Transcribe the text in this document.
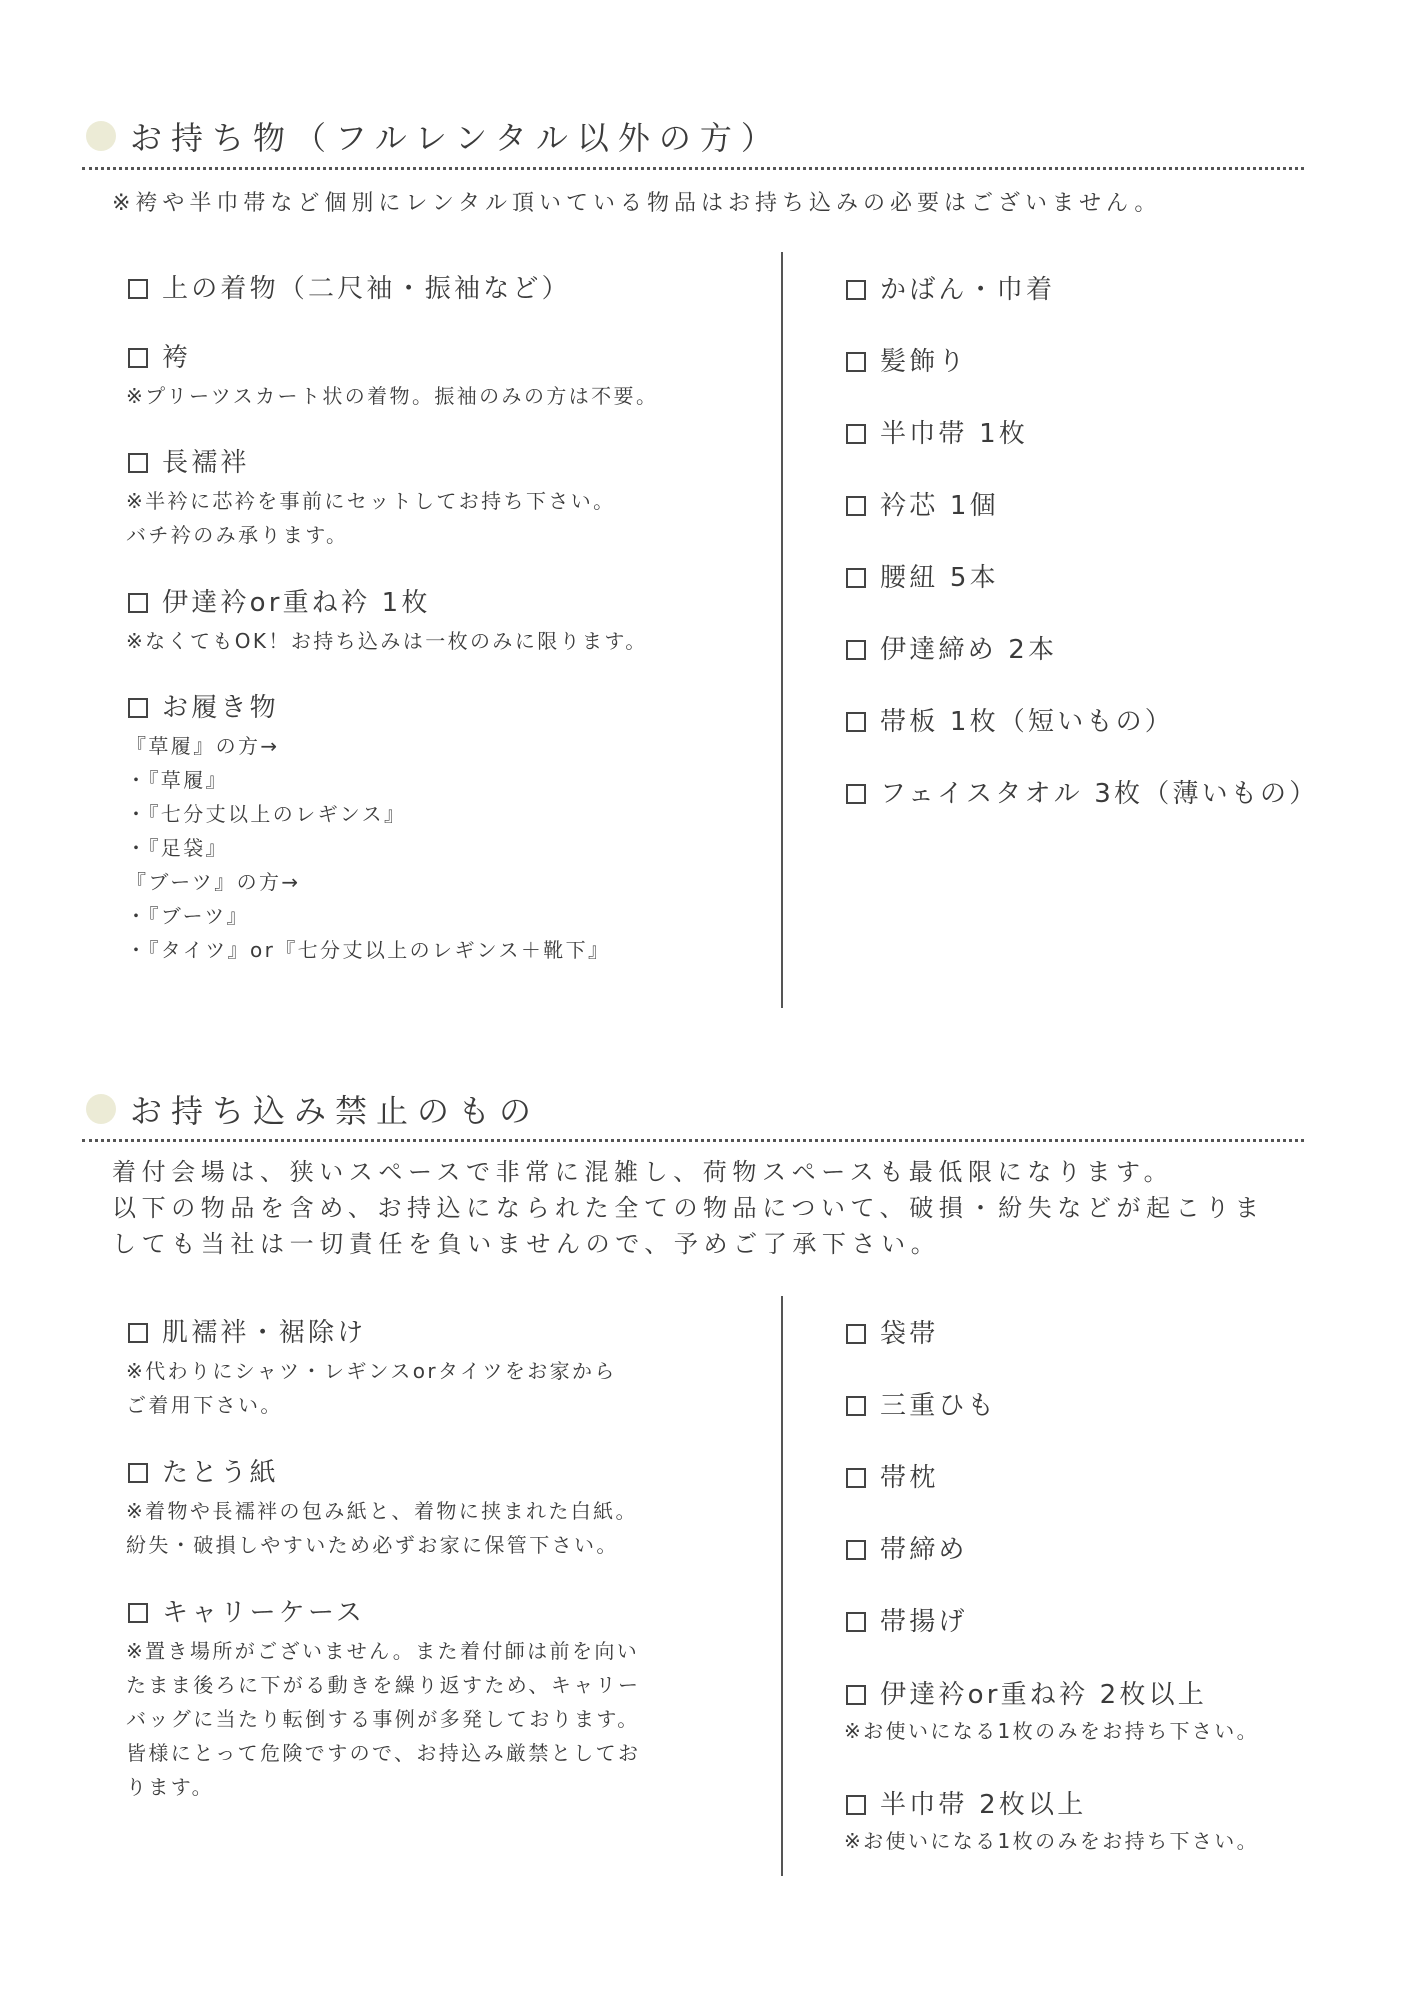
お持ち物（フルレンタル以外の方）
※袴や半巾帯など個別にレンタル頂いている物品はお持ち込みの必要はございません。
上の着物（二尺袖・振袖など）
袴
※プリーツスカート状の着物。振袖のみの方は不要。
長襦袢
※半衿に芯衿を事前にセットしてお持ち下さい。
バチ衿のみ承ります。
伊達衿or重ね衿 1枚
※なくてもOK！お持ち込みは一枚のみに限ります。
お履き物
『草履』の方→
・『草履』
・『七分丈以上のレギンス』
・『足袋』
『ブーツ』の方→
・『ブーツ』
・『タイツ』or『七分丈以上のレギンス＋靴下』
かばん・巾着
髪飾り
半巾帯 1枚
衿芯 1個
腰紐 5本
伊達締め 2本
帯板 1枚（短いもの）
フェイスタオル 3枚（薄いもの）
お持ち込み禁止のもの
着付会場は、狭いスペースで非常に混雑し、荷物スペースも最低限になります。
以下の物品を含め、お持込になられた全ての物品について、破損・紛失などが起こりま
しても当社は一切責任を負いませんので、予めご了承下さい。
肌襦袢・裾除け
※代わりにシャツ・レギンスorタイツをお家から
ご着用下さい。
たとう紙
※着物や長襦袢の包み紙と、着物に挟まれた白紙。
紛失・破損しやすいため必ずお家に保管下さい。
キャリーケース
※置き場所がございません。また着付師は前を向い
たまま後ろに下がる動きを繰り返すため、キャリー
バッグに当たり転倒する事例が多発しております。
皆様にとって危険ですので、お持込み厳禁としてお
ります。
袋帯
三重ひも
帯枕
帯締め
帯揚げ
伊達衿or重ね衿 2枚以上
※お使いになる1枚のみをお持ち下さい。
半巾帯 2枚以上
※お使いになる1枚のみをお持ち下さい。
